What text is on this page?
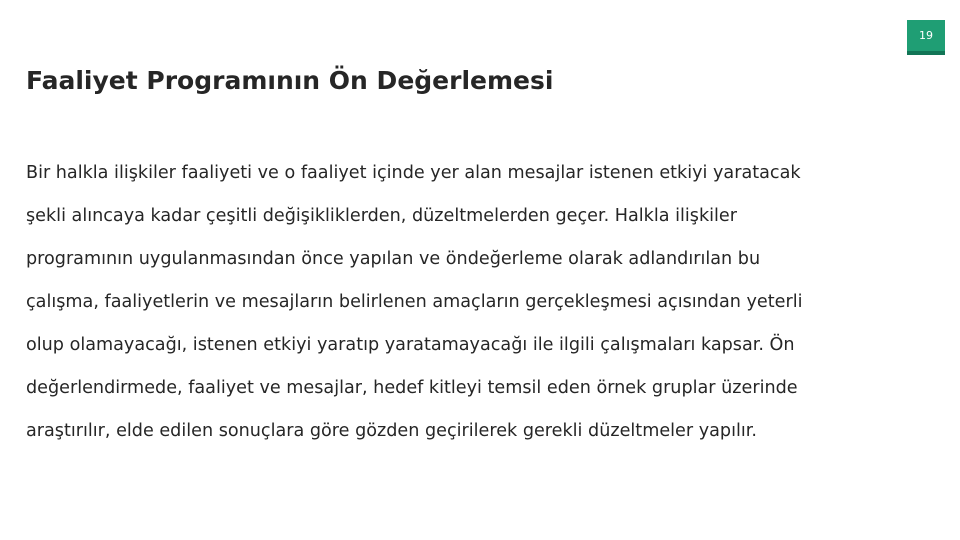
19
Faaliyet Programının Ön Değerlemesi
Bir halkla ilişkiler faaliyeti ve o faaliyet içinde yer alan mesajlar istenen etkiyi yaratacak
şekli alıncaya kadar çeşitli değişikliklerden, düzeltmelerden geçer. Halkla ilişkiler
programının uygulanmasından önce yapılan ve öndeğerleme olarak adlandırılan bu
çalışma, faaliyetlerin ve mesajların belirlenen amaçların gerçekleşmesi açısından yeterli
olup olamayacağı, istenen etkiyi yaratıp yaratamayacağı ile ilgili çalışmaları kapsar. Ön
değerlendirmede, faaliyet ve mesajlar, hedef kitleyi temsil eden örnek gruplar üzerinde
araştırılır, elde edilen sonuçlara göre gözden geçirilerek gerekli düzeltmeler yapılır.
